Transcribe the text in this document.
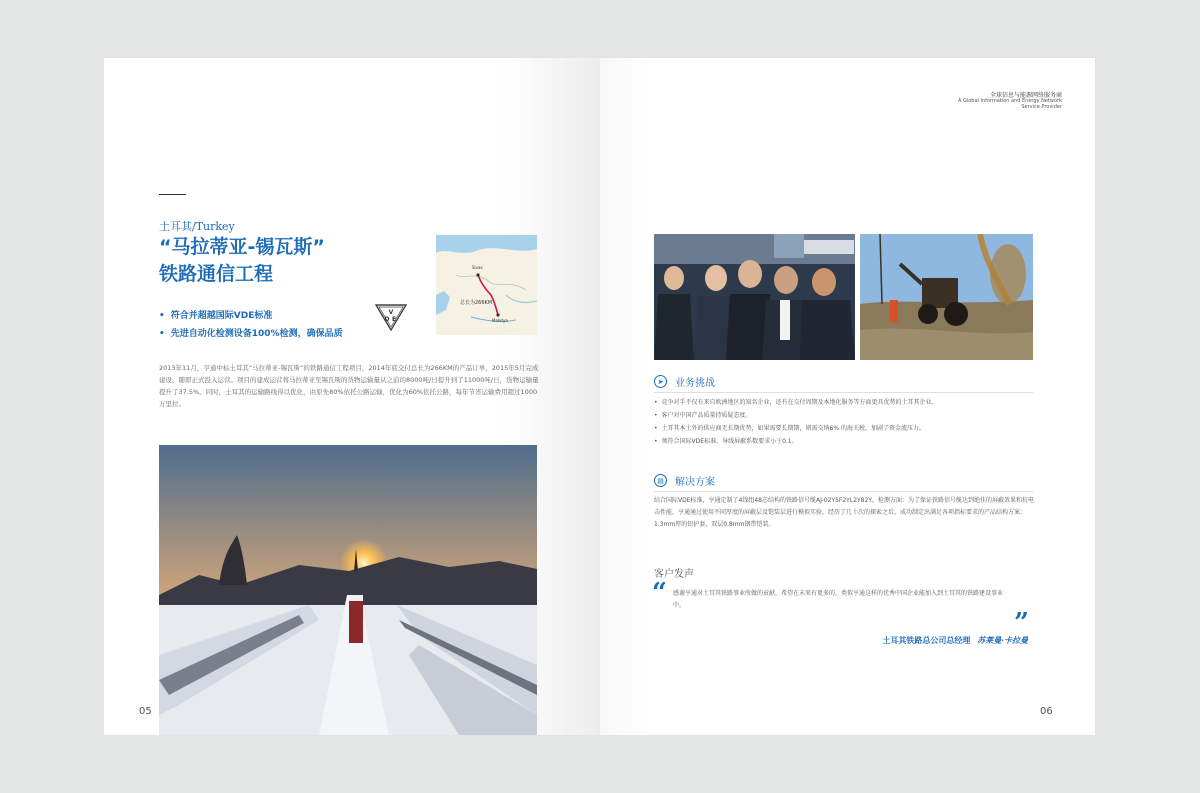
土耳其/Turkey
“马拉蒂亚-锡瓦斯”
铁路通信工程
• 符合并超越国际VDE标准
• 先进自动化检测设备100%检测，确保品质
V
D E
Sivas
总长为266KM
Malatya
2013年11月，亨通中标土耳其“马拉蒂亚-锡瓦斯”的铁路通信工程项目，2014年底交付总长为266KM的产品订单，2015年5月完成建设，随即正式投入运营。项目的建成运营将马拉蒂亚至锡瓦斯的货物运输量从之前的8000吨/日提升到了11000吨/日，货物运输量提升了37.5%。同时，土耳其的运输路线得以优化，由原先80%依托公路运输，优化为60%依托公路，每年节省运输费用超过1000万里拉。
05
全球信息与能源网络服务商
A Global Information and Energy Network Service Provider
➤	业务挑战
• 竞争对手不仅有来自欧洲地区的知名企业，还有在交付周期及本地化服务等方面更具优势的土耳其企业。
• 客户对中国产品质量持质疑态度。
• 土耳其本土外的供应商无长期优势，如果需要长期期，则需交纳6% 的海关税，加剧了资金流压力。
• 须符合国际VDE标准，导线屏蔽系数要求小于0.1。
▤	解决方案
结合国际VDE标准，亨通定制了4线组48芯结构的铁路信号缆AJ-02Y5F2YL2Y82Y。检测方面：为了保证铁路信号缆达到绝佳的屏蔽效果和抗电击性能，亨通通过使用不同厚度的屏蔽层及铠装层进行模拟实验，经历了几十次的探索之后，成功制定出满足各项指标要求的产品结构方案：1.3mm厚的铝护套，双层0.8mm钢带铠装。
客户发声
“ 感谢亨通对土耳其铁路事业所做的贡献，希望在未来有更多的，类似亨通这样的优秀中国企业能加入到土耳其的铁路建设事业中。
”
土耳其铁路总公司总经理 苏莱曼·卡拉曼
06
